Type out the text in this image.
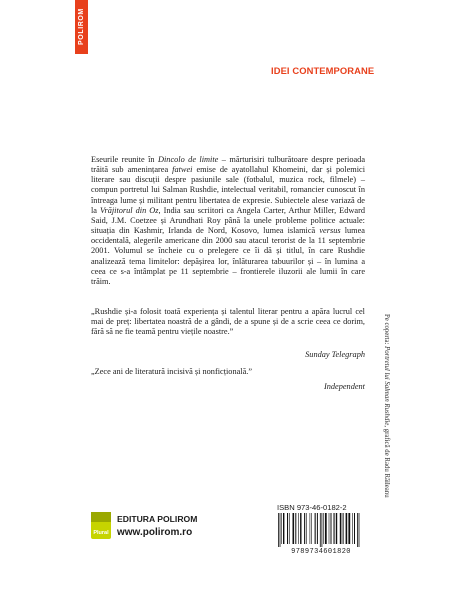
POLIROM
IDEI CONTEMPORANE
Eseurile reunite în Dincolo de limite – mărturisiri tulburătoare despre perioada trăită sub amenințarea fatwei emise de ayatollahul Khomeini, dar și polemici literare sau discuții despre pasiunile sale (fotbalul, muzica rock, filmele) – compun portretul lui Salman Rushdie, intelectual veritabil, romancier cunoscut în întreaga lume și militant pentru libertatea de expresie. Subiectele alese variază de la Vrăjitorul din Oz, India sau scriitori ca Angela Carter, Arthur Miller, Edward Said, J.M. Coetzee și Arundhati Roy până la unele probleme politice actuale: situația din Kashmir, Irlanda de Nord, Kosovo, lumea islamică versus lumea occidentală, alegerile americane din 2000 sau atacul terorist de la 11 septembrie 2001. Volumul se încheie cu o prelegere ce îi dă și titlul, în care Rushdie analizează tema limitelor: depășirea lor, înlăturarea tabuurilor și – în lumina a ceea ce s-a întâmplat pe 11 septembrie – frontierele iluzorii ale lumii în care trăim.
„Rushdie și-a folosit toată experiența și talentul literar pentru a apăra lucrul cel mai de preț: libertatea noastră de a gândi, de a spune și de a scrie ceea ce dorim, fără să ne fie teamă pentru viețile noastre.”
Sunday Telegraph
„Zece ani de literatură incisivă și nonficțională.”
Independent
Pe coperta: Portretul lui Salman Rushdie, grafică de Radu Răileanu
Plural
EDITURA POLIROM
www.polirom.ro
ISBN 973-46-0182-2
9789734601820
